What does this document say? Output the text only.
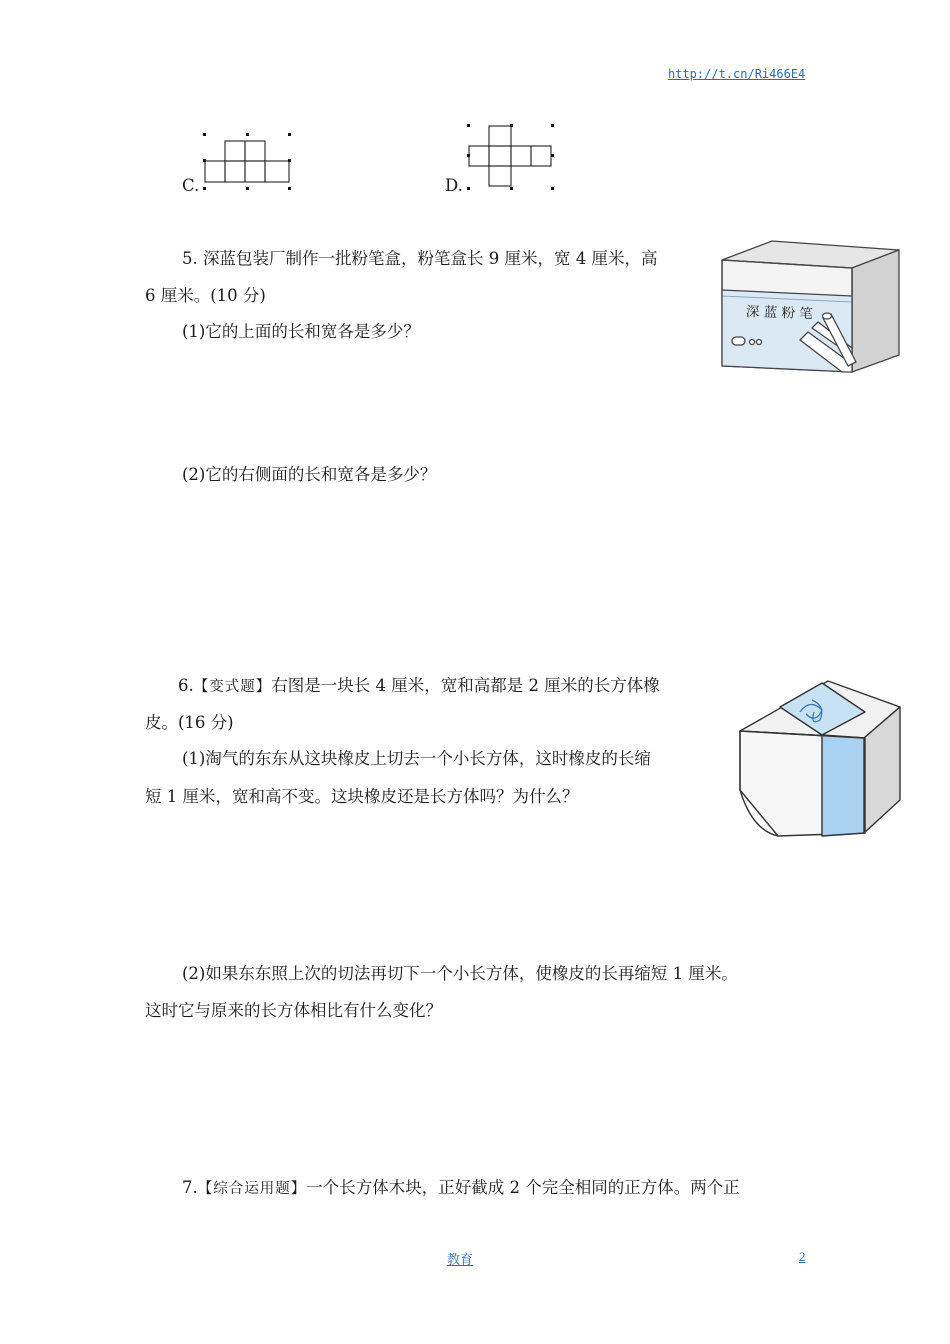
http://t.cn/Ri466E4
C.	D.
5. 深蓝包装厂制作一批粉笔盒，粉笔盒长 9 厘米，宽 4 厘米，高
6 厘米。(10 分)
(1)它的上面的长和宽各是多少？
(2)它的右侧面的长和宽各是多少？
深 蓝 粉 笔
6.【变式题】右图是一块长 4 厘米，宽和高都是 2 厘米的长方体橡
皮。(16 分)
(1)淘气的东东从这块橡皮上切去一个小长方体，这时橡皮的长缩
短 1 厘米，宽和高不变。这块橡皮还是长方体吗？为什么？
(2)如果东东照上次的切法再切下一个小长方体，使橡皮的长再缩短 1 厘米。
这时它与原来的长方体相比有什么变化？
7.【综合运用题】一个长方体木块，正好截成 2 个完全相同的正方体。两个正
教育	2
